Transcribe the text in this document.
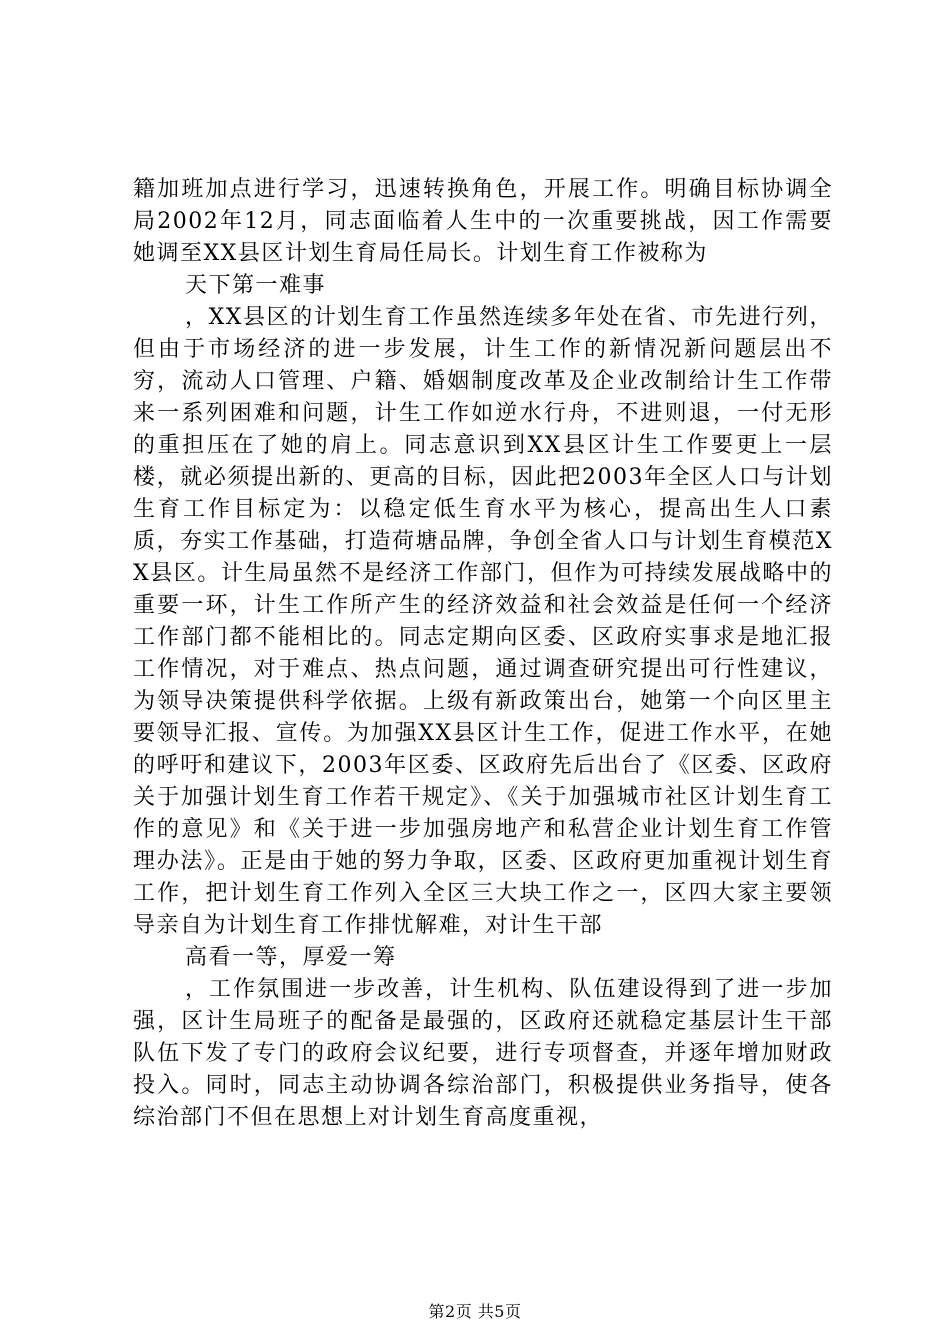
籍加班加点进行学习，迅速转换角色，开展工作。明确目标协调全局2002年12月，同志面临着人生中的一次重要挑战，因工作需要她调至XX县区计划生育局任局长。计划生育工作被称为

天下第一难事

，XX县区的计划生育工作虽然连续多年处在省、市先进行列，但由于市场经济的进一步发展，计生工作的新情况新问题层出不穷，流动人口管理、户籍、婚姻制度改革及企业改制给计生工作带来一系列困难和问题，计生工作如逆水行舟，不进则退，一付无形的重担压在了她的肩上。同志意识到XX县区计生工作要更上一层楼，就必须提出新的、更高的目标，因此把2003年全区人口与计划生育工作目标定为：以稳定低生育水平为核心，提高出生人口素质，夯实工作基础，打造荷塘品牌，争创全省人口与计划生育模范XX县区。计生局虽然不是经济工作部门，但作为可持续发展战略中的重要一环，计生工作所产生的经济效益和社会效益是任何一个经济工作部门都不能相比的。同志定期向区委、区政府实事求是地汇报工作情况，对于难点、热点问题，通过调查研究提出可行性建议，为领导决策提供科学依据。上级有新政策出台，她第一个向区里主要领导汇报、宣传。为加强XX县区计生工作，促进工作水平，在她的呼吁和建议下，2003年区委、区政府先后出台了《区委、区政府关于加强计划生育工作若干规定》、《关于加强城市社区计划生育工作的意见》和《关于进一步加强房地产和私营企业计划生育工作管理办法》。正是由于她的努力争取，区委、区政府更加重视计划生育工作，把计划生育工作列入全区三大块工作之一，区四大家主要领导亲自为计划生育工作排忧解难，对计生干部

高看一等，厚爱一筹

，工作氛围进一步改善，计生机构、队伍建设得到了进一步加强，区计生局班子的配备是最强的，区政府还就稳定基层计生干部队伍下发了专门的政府会议纪要，进行专项督查，并逐年增加财政投入。同时，同志主动协调各综治部门，积极提供业务指导，使各综治部门不但在思想上对计划生育高度重视，

第2页 共5页
